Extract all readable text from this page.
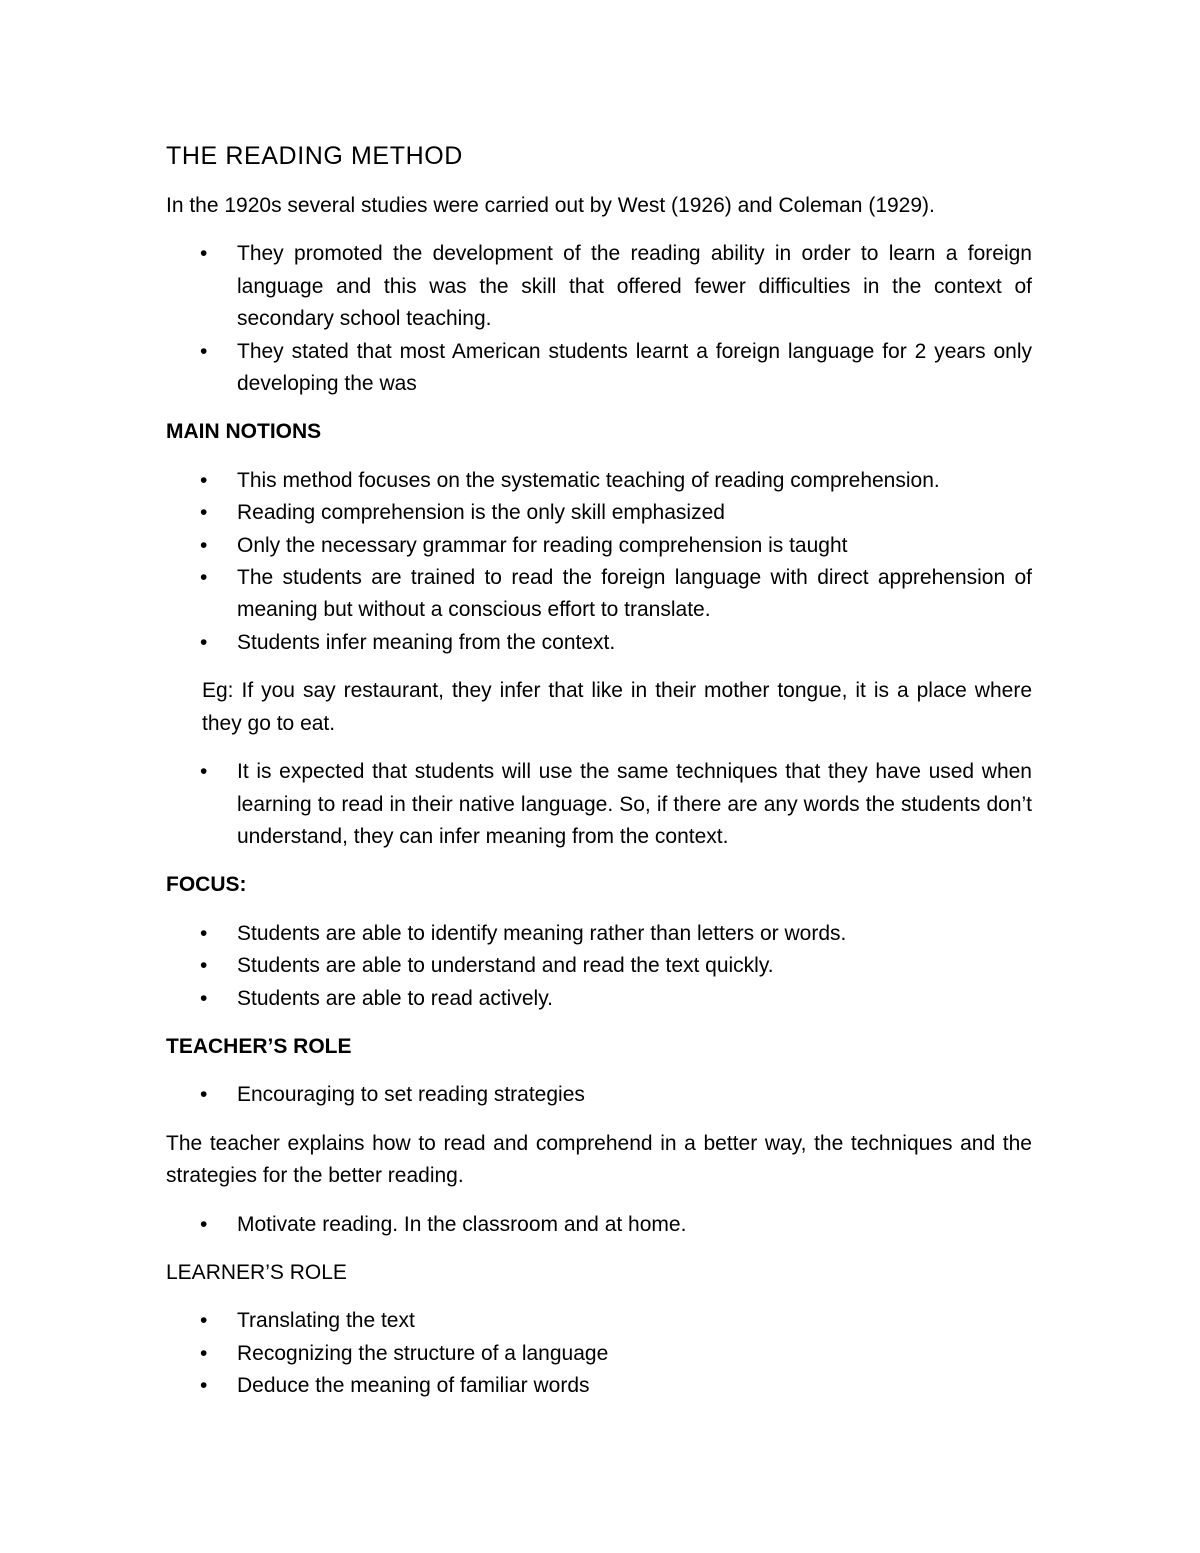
THE READING METHOD

In the 1920s several studies were carried out by West (1926) and Coleman (1929).

• They promoted the development of the reading ability in order to learn a foreign language and this was the skill that offered fewer difficulties in the context of secondary school teaching.
• They stated that most American students learnt a foreign language for 2 years only developing the was
MAIN NOTIONS
• This method focuses on the systematic teaching of reading comprehension.
• Reading comprehension is the only skill emphasized
• Only the necessary grammar for reading comprehension is taught
• The students are trained to read the foreign language with direct apprehension of meaning but without a conscious effort to translate.
• Students infer meaning from the context.

Eg: If you say restaurant, they infer that like in their mother tongue, it is a place where they go to eat.

• It is expected that students will use the same techniques that they have used when learning to read in their native language. So, if there are any words the students don’t understand, they can infer meaning from the context.
FOCUS:
• Students are able to identify meaning rather than letters or words.
• Students are able to understand and read the text quickly.
• Students are able to read actively.
TEACHER’S ROLE
• Encouraging to set reading strategies

The teacher explains how to read and comprehend in a better way, the techniques and the strategies for the better reading.

• Motivate reading. In the classroom and at home.
LEARNER’S ROLE
• Translating the text
• Recognizing the structure of a language
• Deduce the meaning of familiar words
